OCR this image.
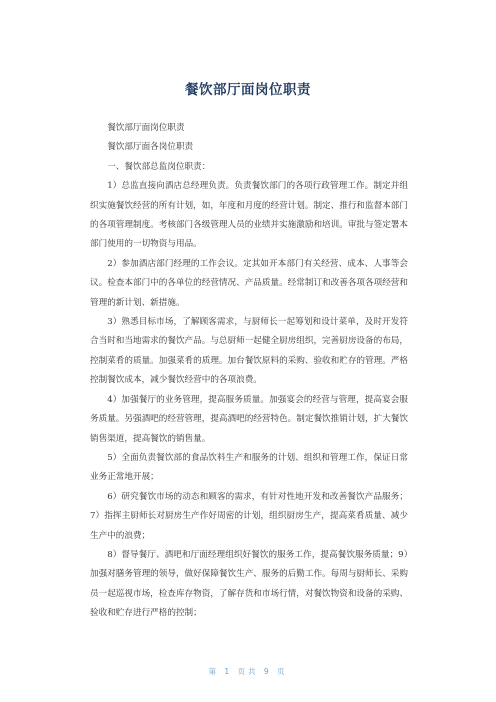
餐饮部厅面岗位职责

餐饮部厅面岗位职责

餐饮部厅面各岗位职责

一、餐饮部总监岗位职责：

1）总监直接向酒店总经理负责。负责餐饮部门的各项行政管理工作。制定并组织实施餐饮经营的所有计划，如，年度和月度的经营计划。制定、推行和监督本部门的各项管理制度。考核部门各级管理人员的业绩并实施激励和培训。审批与签定署本部门使用的一切物资与用品。

2）参加酒店部门经理的工作会议。定其如开本部门有关经营、成本、人事等会议。检查本部门中的各单位的经营情况、产品质量。经常制订和改善各项各项经营和管理的新计划、新措施。

3）熟悉目标市场，了解顾客需求，与厨师长一起筹划和设计菜单，及时开发符合当时和当地需求的餐饮产品。与总厨师一起健全厨房组织，完善厨房设备的布局，控制菜肴的质量。加强菜肴的质理。加台餐饮原料的采购、验收和贮存的管理。严格控制餐饮成本，减少餐饮经营中的各项浪费。

4）加强餐厅的业务管理，提高服务质量。加强宴会的经营与管理，提高宴会服务质量。另强酒吧的经营管理，提高酒吧的经营特色。制定餐饮推销计划，扩大餐饮销售渠道，提高餐饮的销售量。

5）全面负责餐饮部的食品饮料生产和服务的计划、组织和管理工作，保证日常业务正常地开展；

6）研究餐饮市场的动态和顾客的需求，有针对性地开发和改善餐饮产品服务；7）指挥主厨师长对厨房生产作好周密的计划，组织厨房生产，提高菜肴质量、减少生产中的浪费；

8）督导餐厅、酒吧和厅面经理组织好餐饮的服务工作，提高餐饮服务质量；9）加强对膳务管理的领导，做好保障餐饮生产、服务的后勤工作。每周与厨师长、采购员一起巡视市场，检查库存物资，了解存货和市场行情，对餐饮物资和设备的采购、验收和贮存进行严格的控制；

第 1 页共 9 页
